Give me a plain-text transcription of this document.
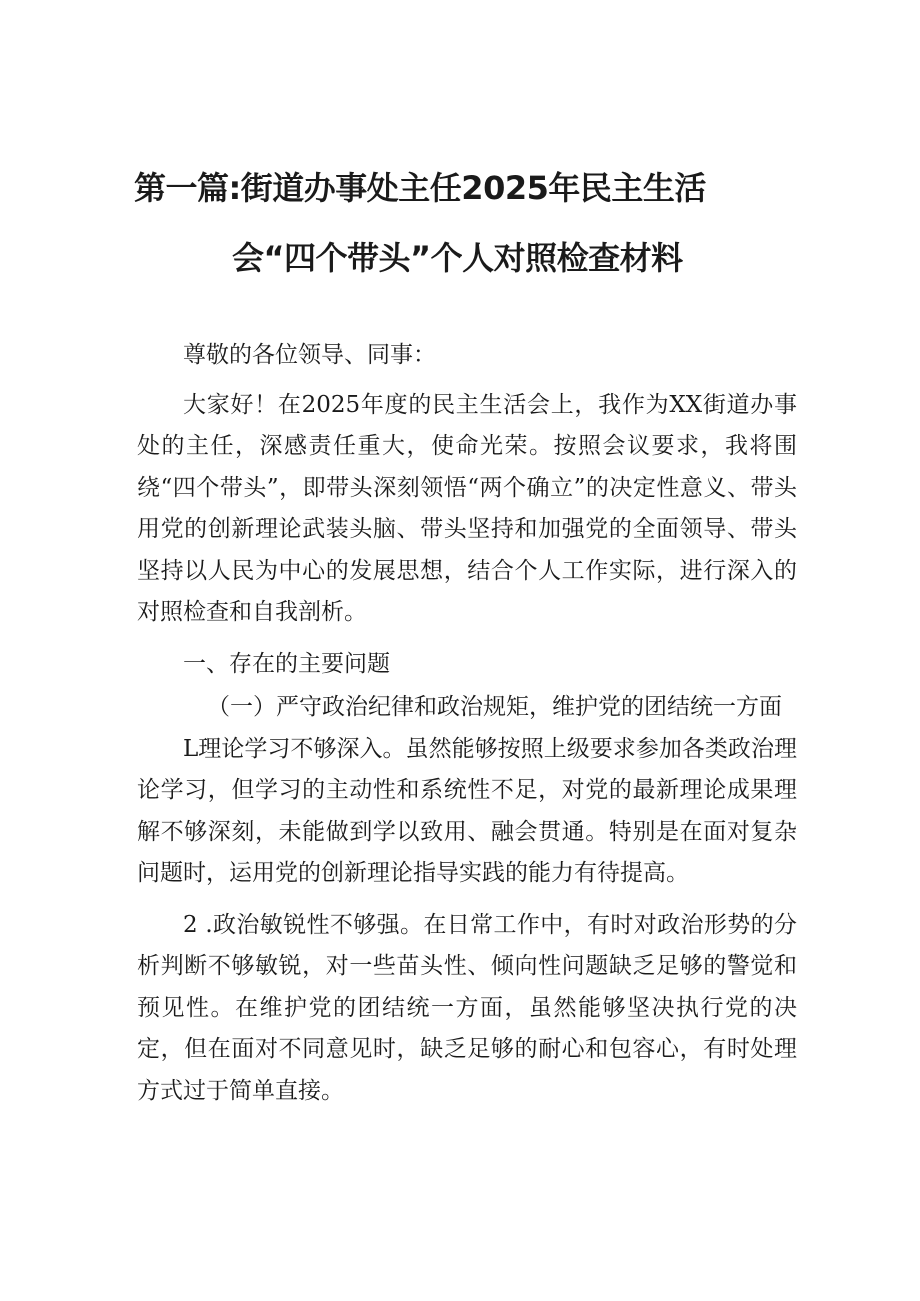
第一篇:街道办事处主任2025年民主生活
会“四个带头”个人对照检查材料

尊敬的各位领导、同事：

大家好！在2025年度的民主生活会上，我作为XX街道办事处的主任，深感责任重大，使命光荣。按照会议要求，我将围绕“四个带头”，即带头深刻领悟“两个确立”的决定性意义、带头用党的创新理论武装头脑、带头坚持和加强党的全面领导、带头坚持以人民为中心的发展思想，结合个人工作实际，进行深入的对照检查和自我剖析。

一、存在的主要问题

（一）严守政治纪律和政治规矩，维护党的团结统一方面

L理论学习不够深入。虽然能够按照上级要求参加各类政治理论学习，但学习的主动性和系统性不足，对党的最新理论成果理解不够深刻，未能做到学以致用、融会贯通。特别是在面对复杂问题时，运用党的创新理论指导实践的能力有待提高。

2 .政治敏锐性不够强。在日常工作中，有时对政治形势的分析判断不够敏锐，对一些苗头性、倾向性问题缺乏足够的警觉和预见性。在维护党的团结统一方面，虽然能够坚决执行党的决定，但在面对不同意见时，缺乏足够的耐心和包容心，有时处理方式过于简单直接。
